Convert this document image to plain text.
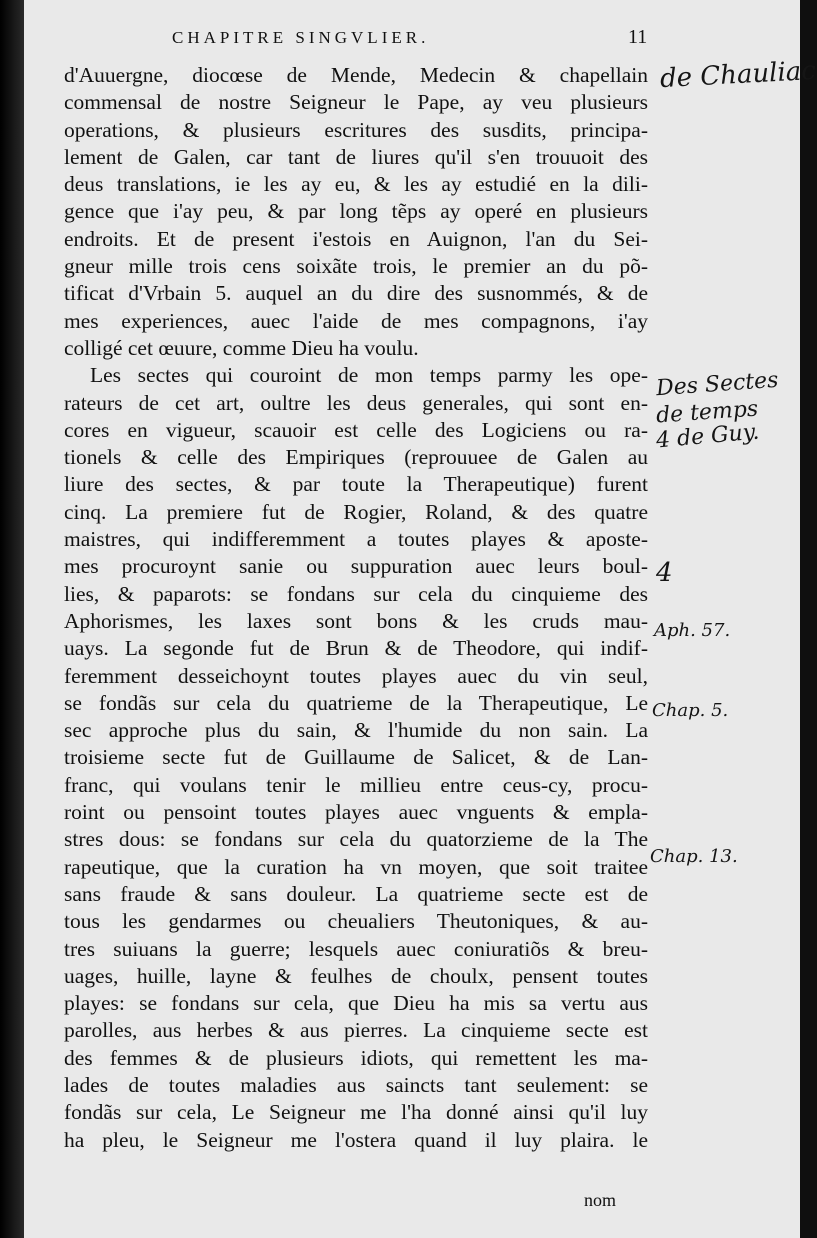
CHAPITRE SINGVLIER.	11
d'Auuergne, diocœse de Mende, Medecin & chapellain
commensal de nostre Seigneur le Pape, ay veu plusieurs
operations, & plusieurs escritures des susdits, principa-
lement de Galen, car tant de liures qu'il s'en trouuoit des
deus translations, ie les ay eu, & les ay estudié en la dili-
gence que i'ay peu, & par long tẽps ay operé en plusieurs
endroits. Et de present i'estois en Auignon, l'an du Sei-
gneur mille trois cens soixãte trois, le premier an du põ-
tificat d'Vrbain 5. auquel an du dire des susnommés, & de
mes experiences, auec l'aide de mes compagnons, i'ay
colligé cet œuure, comme Dieu ha voulu.
Les sectes qui couroint de mon temps parmy les ope-
rateurs de cet art, oultre les deus generales, qui sont en-
cores en vigueur, scauoir est celle des Logiciens ou ra-
tionels & celle des Empiriques (reprouuee de Galen au
liure des sectes, & par toute la Therapeutique) furent
cinq. La premiere fut de Rogier, Roland, & des quatre
maistres, qui indifferemment a toutes playes & aposte-
mes procuroynt sanie ou suppuration auec leurs boul-
lies, & paparots: se fondans sur cela du cinquieme des
Aphorismes, les laxes sont bons & les cruds mau-
uays. La segonde fut de Brun & de Theodore, qui indif-
feremment desseichoynt toutes playes auec du vin seul,
se fondãs sur cela du quatrieme de la Therapeutique, Le
sec approche plus du sain, & l'humide du non sain. La
troisieme secte fut de Guillaume de Salicet, & de Lan-
franc, qui voulans tenir le millieu entre ceus-cy, procu-
roint ou pensoint toutes playes auec vnguents & empla-
stres dous: se fondans sur cela du quatorzieme de la The
rapeutique, que la curation ha vn moyen, que soit traitee
sans fraude & sans douleur. La quatrieme secte est de
tous les gendarmes ou cheualiers Theutoniques, & au-
tres suiuans la guerre; lesquels auec coniuratiõs & breu-
uages, huille, layne & feulhes de choulx, pensent toutes
playes: se fondans sur cela, que Dieu ha mis sa vertu aus
parolles, aus herbes & aus pierres. La cinquieme secte est
des femmes & de plusieurs idiots, qui remettent les ma-
lades de toutes maladies aus saincts tant seulement: se
fondãs sur cela, Le Seigneur me l'ha donné ainsi qu'il luy
ha pleu, le Seigneur me l'ostera quand il luy plaira. le
nom
de Chauliac
Des Sectes
de temps
4 de Guy.
4
Aph. 57.
Chap. 5.
Chap. 13.
